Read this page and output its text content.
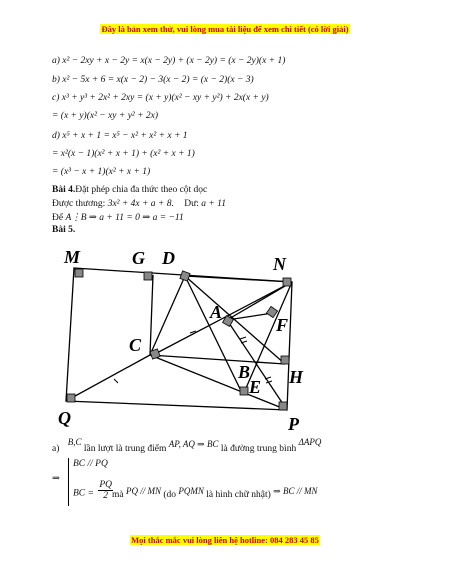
Đây là bản xem thử, vui lòng mua tài liệu để xem chi tiết (có lời giải)
a) x² − 2xy + x − 2y = x(x − 2y) + (x − 2y) = (x − 2y)(x + 1)
b) x² − 5x + 6 = x(x − 2) − 3(x − 2) = (x − 2)(x − 3)
c) x³ + y³ + 2x² + 2xy = (x + y)(x² − xy + y²) + 2x(x + y)
= (x + y)(x² − xy + y² + 2x)
d) x⁵ + x + 1 = x⁵ − x² + x² + x + 1
= x²(x − 1)(x² + x + 1) + (x² + x + 1)
= (x³ − x + 1)(x² + x + 1)
Bài 4.Đặt phép chia đa thức theo cột dọc
Được thương: 3x² + 4x + a + 8. Dư: a + 11
Để A⋮B ⇒ a + 11 = 0 ⇒ a = −11
Bài 5.
M	G D	N
A
F
C
B H
E
Q	P
a) B,C lần lượt là trung điểm AP, AQ ⇒ BC là đường trung bình ΔAPQ
⇒
BC // PQ
BC = $\frac{PQ}{2}$ mà PQ // MN (do PQMN là hình chữ nhật) ⇒ BC // MN
Mọi thắc mắc vui lòng liên hệ hotline: 084 283 45 85
